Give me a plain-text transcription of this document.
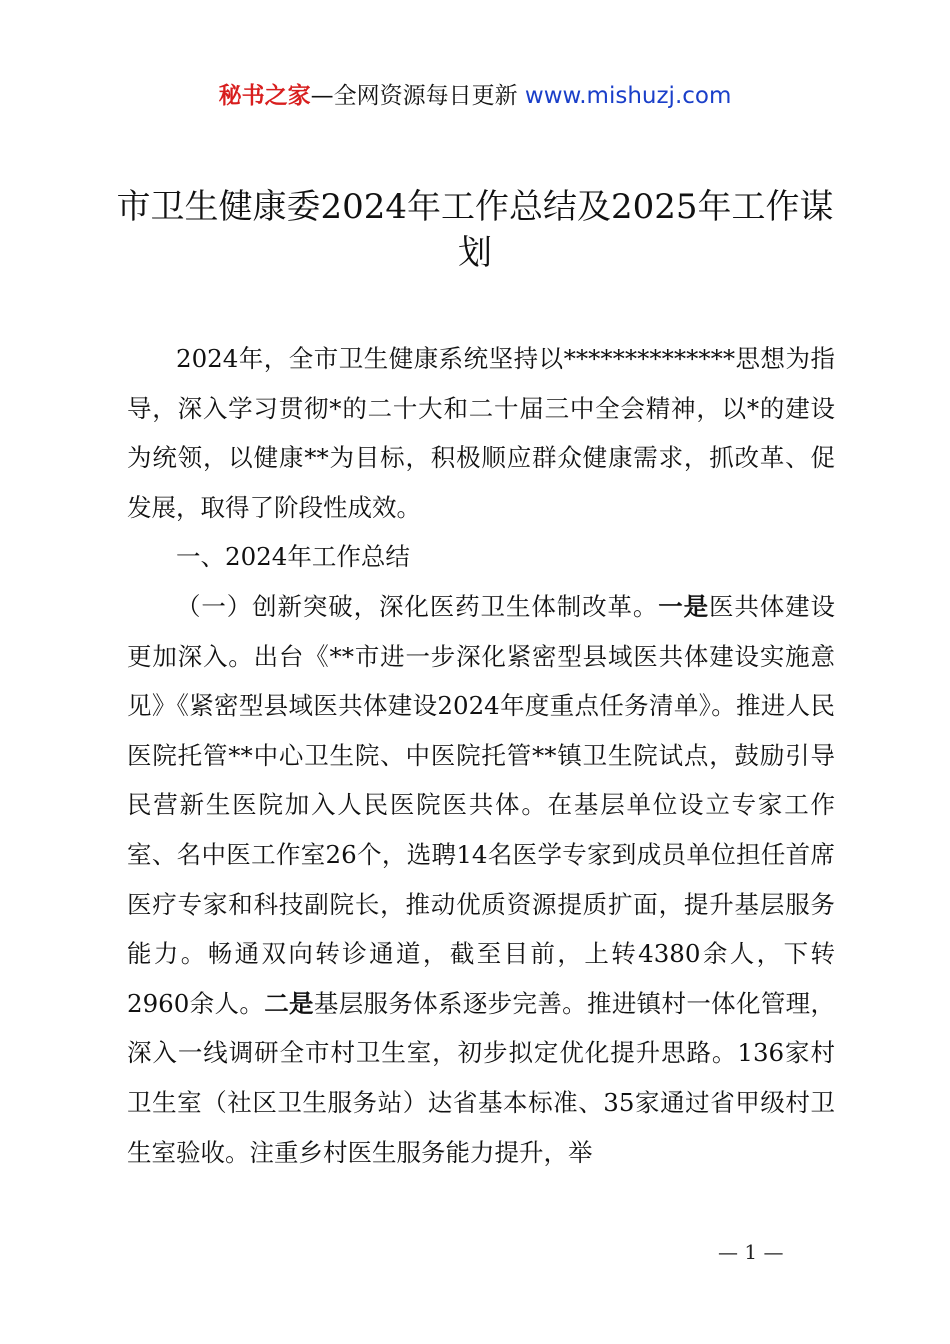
秘书之家—全网资源每日更新 www.mishuzj.com
市卫生健康委2024年工作总结及2025年工作谋划

2024年，全市卫生健康系统坚持以**************思想为指导，深入学习贯彻*的二十大和二十届三中全会精神，以*的建设为统领，以健康**为目标，积极顺应群众健康需求，抓改革、促发展，取得了阶段性成效。

一、2024年工作总结

（一）创新突破，深化医药卫生体制改革。一是医共体建设更加深入。出台《**市进一步深化紧密型县域医共体建设实施意见》《紧密型县域医共体建设2024年度重点任务清单》。推进人民医院托管**中心卫生院、中医院托管**镇卫生院试点，鼓励引导民营新生医院加入人民医院医共体。在基层单位设立专家工作室、名中医工作室26个，选聘14名医学专家到成员单位担任首席医疗专家和科技副院长，推动优质资源提质扩面，提升基层服务能力。畅通双向转诊通道，截至目前，上转4380余人，下转2960余人。二是基层服务体系逐步完善。推进镇村一体化管理，深入一线调研全市村卫生室，初步拟定优化提升思路。136家村卫生室（社区卫生服务站）达省基本标准、35家通过省甲级村卫生室验收。注重乡村医生服务能力提升，举

— 1 —
